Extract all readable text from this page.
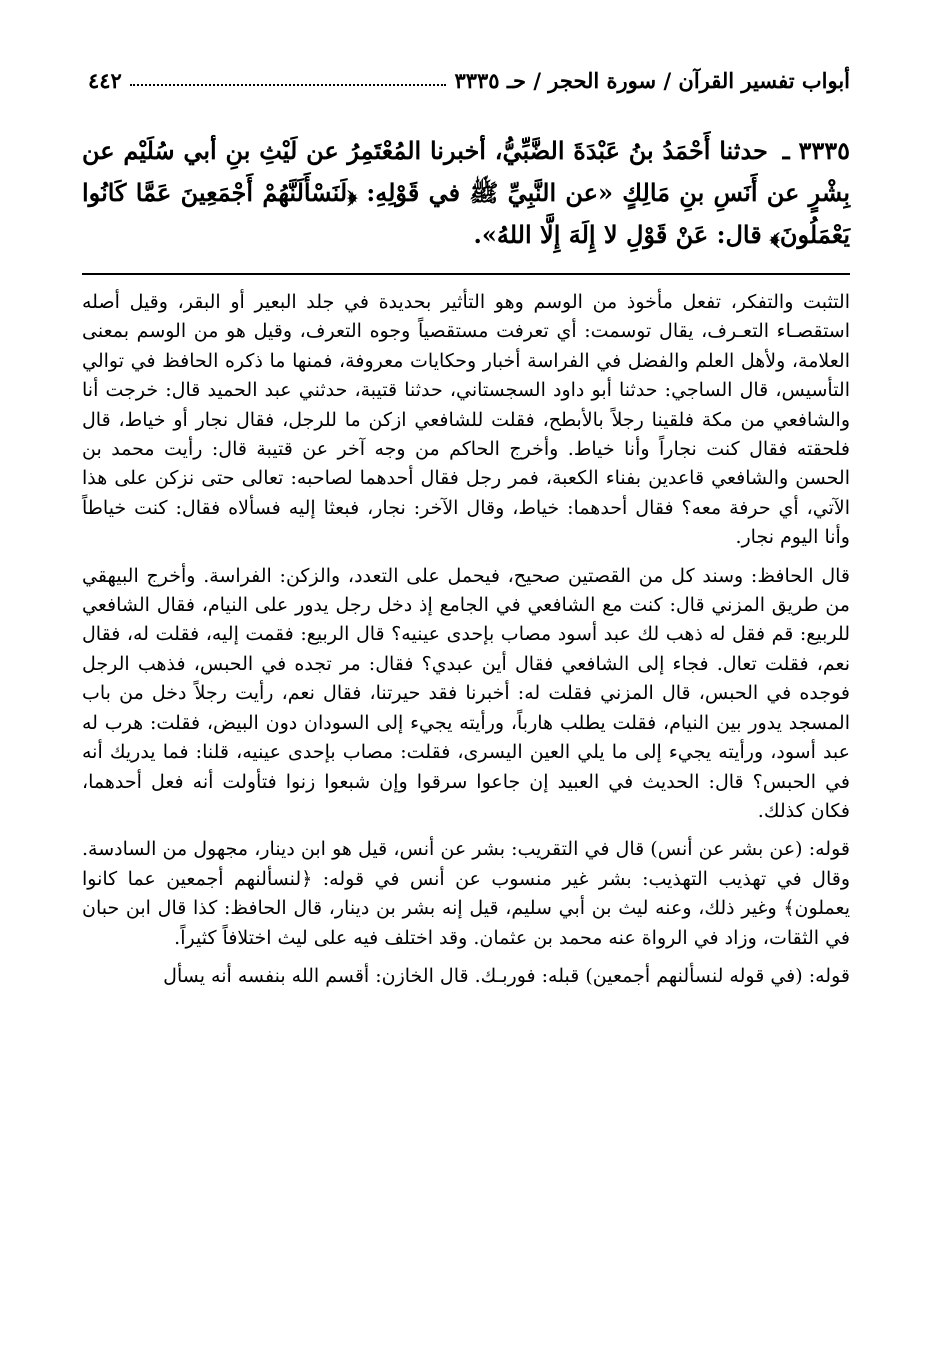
أبواب تفسير القرآن / سورة الحجر / حـ ٣٣٣٥
٤٤٢
٣٣٣٥ ـ حدثنا أَحْمَدُ بنُ عَبْدَةَ الضَّبِّيُّ، أخبرنا المُعْتَمِرُ عن لَيْثِ بنِ أبي سُلَيْم عن بِشْرٍ عن أَنَسِ بنِ مَالِكٍ «عن النَّبِيِّ ﷺ في قَوْلِهِ: ﴿لَنَسْأَلَنَّهُمْ أَجْمَعِينَ عَمَّا كَانُوا يَعْمَلُونَ﴾ قال: عَنْ قَوْلِ لا إِلَهَ إِلَّا اللهُ».

التثبت والتفكر، تفعل مأخوذ من الوسم وهو التأثير بحديدة في جلد البعير أو البقر، وقيل أصله استقصـاء التعـرف، يقال توسمت: أي تعرفت مستقصياً وجوه التعرف، وقيل هو من الوسم بمعنى العلامة، ولأهل العلم والفضل في الفراسة أخبار وحكايات معروفة، فمنها ما ذكره الحافظ في توالي التأسيس، قال الساجي: حدثنا أبو داود السجستاني، حدثنا قتيبة، حدثني عبد الحميد قال: خرجت أنا والشافعي من مكة فلقينا رجلاً بالأبطح، فقلت للشافعي ازكن ما للرجل، فقال نجار أو خياط، قال فلحقته فقال كنت نجاراً وأنا خياط. وأخرج الحاكم من وجه آخر عن قتيبة قال: رأيت محمد بن الحسن والشافعي قاعدين بفناء الكعبة، فمر رجل فقال أحدهما لصاحبه: تعالى حتى نزكن على هذا الآتي، أي حرفة معه؟ فقال أحدهما: خياط، وقال الآخر: نجار، فبعثا إليه فسألاه فقال: كنت خياطاً وأنا اليوم نجار.

قال الحافظ: وسند كل من القصتين صحيح، فيحمل على التعدد، والزكن: الفراسة. وأخرج البيهقي من طريق المزني قال: كنت مع الشافعي في الجامع إذ دخل رجل يدور على النيام، فقال الشافعي للربيع: قم فقل له ذهب لك عبد أسود مصاب بإحدى عينيه؟ قال الربيع: فقمت إليه، فقلت له، فقال نعم، فقلت تعال. فجاء إلى الشافعي فقال أين عبدي؟ فقال: مر تجده في الحبس، فذهب الرجل فوجده في الحبس، قال المزني فقلت له: أخبرنا فقد حيرتنا، فقال نعم، رأيت رجلاً دخل من باب المسجد يدور بين النيام، فقلت يطلب هارباً، ورأيته يجيء إلى السودان دون البيض، فقلت: هرب له عبد أسود، ورأيته يجيء إلى ما يلي العين اليسرى، فقلت: مصاب بإحدى عينيه، قلنا: فما يدريك أنه في الحبس؟ قال: الحديث في العبيد إن جاعوا سرقوا وإن شبعوا زنوا فتأولت أنه فعل أحدهما، فكان كذلك.

قوله: (عن بشر عن أنس) قال في التقريب: بشر عن أنس، قيل هو ابن دينار، مجهول من السادسة. وقال في تهذيب التهذيب: بشر غير منسوب عن أنس في قوله: ﴿لنسألنهم أجمعين عما كانوا يعملون﴾ وغير ذلك، وعنه ليث بن أبي سليم، قيل إنه بشر بن دينار، قال الحافظ: كذا قال ابن حبان في الثقات، وزاد في الرواة عنه محمد بن عثمان. وقد اختلف فيه على ليث اختلافاً كثيراً.

قوله: (في قوله لنسألنهم أجمعين) قبله: فوربـك. قال الخازن: أقسم الله بنفسه أنه يسأل
